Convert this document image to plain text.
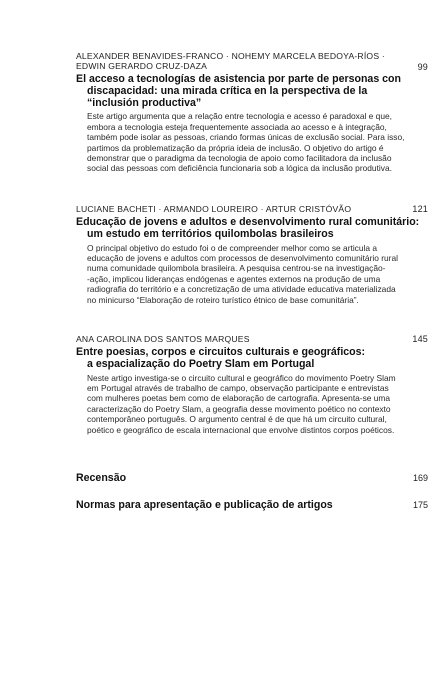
ALEXANDER BENAVIDES-FRANCO · NOHEMY MARCELA BEDOYA-RÍOS ·
EDWIN GERARDO CRUZ-DAZA	99
El acceso a tecnologías de asistencia por parte de personas con
discapacidad: una mirada crítica en la perspectiva de la
“inclusión productiva”
Este artigo argumenta que a relação entre tecnologia e acesso é paradoxal e que,
embora a tecnologia esteja frequentemente associada ao acesso e à integração,
também pode isolar as pessoas, criando formas únicas de exclusão social. Para isso,
partimos da problematização da própria ideia de inclusão. O objetivo do artigo é
demonstrar que o paradigma da tecnologia de apoio como facilitadora da inclusão
social das pessoas com deficiência funcionaria sob a lógica da inclusão produtiva.
LUCIANE BACHETI · ARMANDO LOUREIRO · ARTUR CRISTÓVÃO	121
Educação de jovens e adultos e desenvolvimento rural comunitário:
um estudo em territórios quilombolas brasileiros
O principal objetivo do estudo foi o de compreender melhor como se articula a
educação de jovens e adultos com processos de desenvolvimento comunitário rural
numa comunidade quilombola brasileira. A pesquisa centrou-se na investigação-
-ação, implicou lideranças endógenas e agentes externos na produção de uma
radiografia do território e a concretização de uma atividade educativa materializada
no minicurso “Elaboração de roteiro turístico étnico de base comunitária”.
ANA CAROLINA DOS SANTOS MARQUES	145
Entre poesias, corpos e circuitos culturais e geográficos:
a espacialização do Poetry Slam em Portugal
Neste artigo investiga-se o circuito cultural e geográfico do movimento Poetry Slam
em Portugal através de trabalho de campo, observação participante e entrevistas
com mulheres poetas bem como de elaboração de cartografia. Apresenta-se uma
caracterização do Poetry Slam, a geografia desse movimento poético no contexto
contemporâneo português. O argumento central é de que há um circuito cultural,
poético e geográfico de escala internacional que envolve distintos corpos poéticos.
Recensão	169
Normas para apresentação e publicação de artigos	175
